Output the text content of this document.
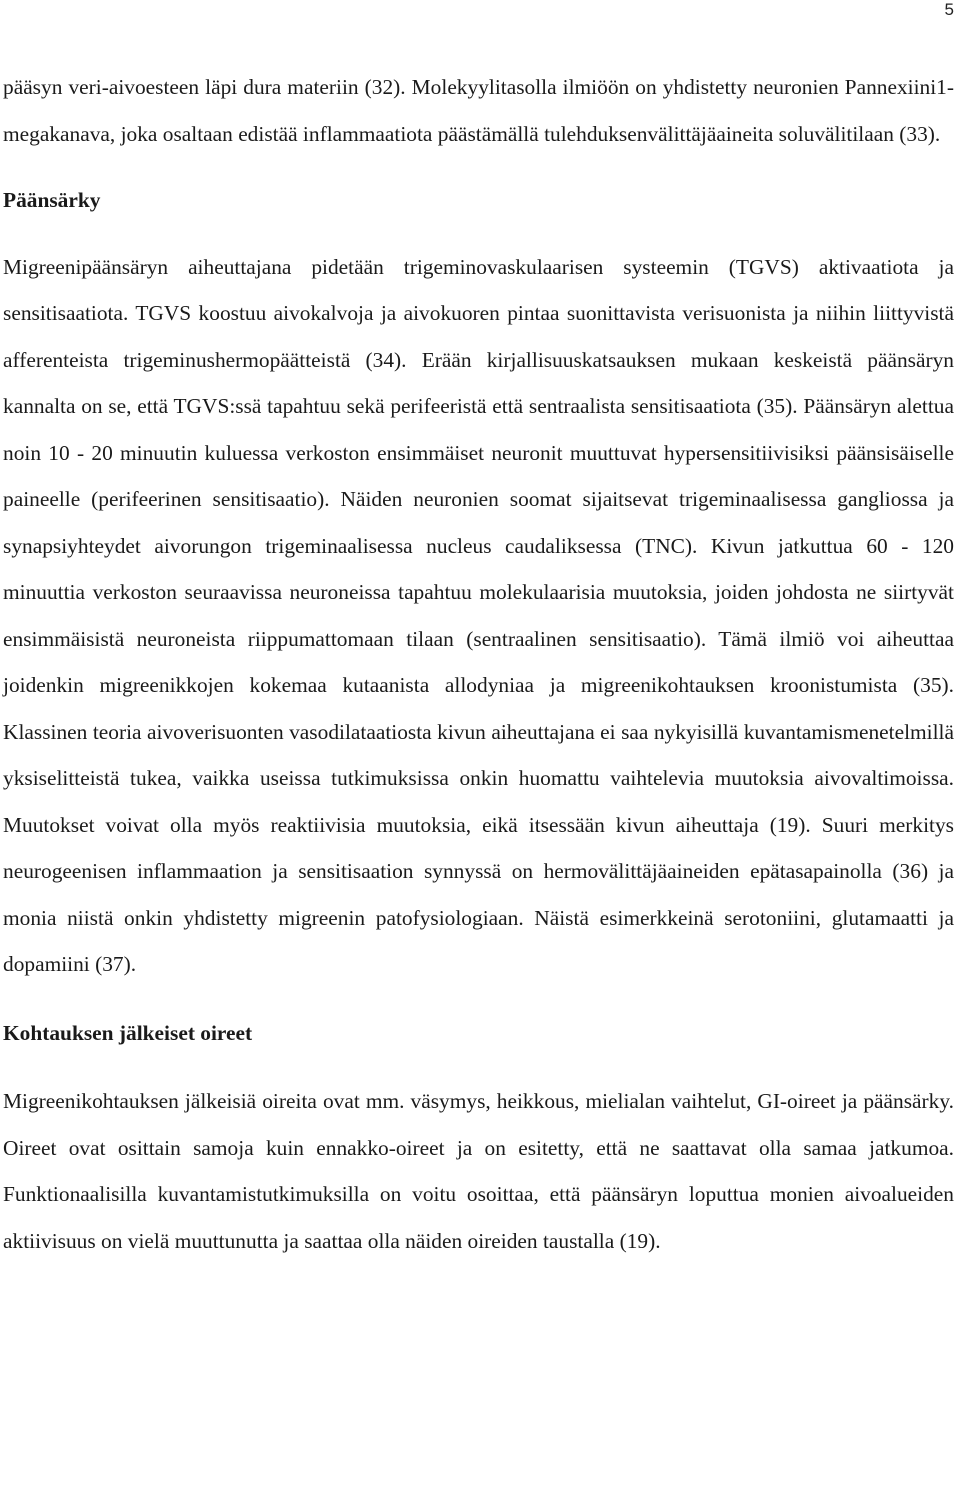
5

pääsyn veri-aivoesteen läpi dura materiin (32). Molekyylitasolla ilmiöön on yhdistetty neuronien Pannexiini1-megakanava, joka osaltaan edistää inflammaatiota päästämällä tulehduksenvälittäjäaineita soluvälitilaan (33).

Päänsärky

Migreenipäänsäryn aiheuttajana pidetään trigeminovaskulaarisen systeemin (TGVS) aktivaatiota ja sensitisaatiota. TGVS koostuu aivokalvoja ja aivokuoren pintaa suonittavista verisuonista ja niihin liittyvistä afferenteista trigeminushermopäätteistä (34). Erään kirjallisuuskatsauksen mukaan keskeistä päänsäryn kannalta on se, että TGVS:ssä tapahtuu sekä perifeeristä että sentraalista sensitisaatiota (35). Päänsäryn alettua noin 10 - 20 minuutin kuluessa verkoston ensimmäiset neuronit muuttuvat hypersensitiivisiksi päänsisäiselle paineelle (perifeerinen sensitisaatio). Näiden neuronien soomat sijaitsevat trigeminaalisessa gangliossa ja synapsiyhteydet aivorungon trigeminaalisessa nucleus caudaliksessa (TNC). Kivun jatkuttua 60 - 120 minuuttia verkoston seuraavissa neuroneissa tapahtuu molekulaarisia muutoksia, joiden johdosta ne siirtyvät ensimmäisistä neuroneista riippumattomaan tilaan (sentraalinen sensitisaatio). Tämä ilmiö voi aiheuttaa joidenkin migreenikkojen kokemaa kutaanista allodyniaa ja migreenikohtauksen kroonistumista (35). Klassinen teoria aivoverisuonten vasodilataatiosta kivun aiheuttajana ei saa nykyisillä kuvantamismenetelmillä yksiselitteistä tukea, vaikka useissa tutkimuksissa onkin huomattu vaihtelevia muutoksia aivovaltimoissa. Muutokset voivat olla myös reaktiivisia muutoksia, eikä itsessään kivun aiheuttaja (19). Suuri merkitys neurogeenisen inflammaation ja sensitisaation synnyssä on hermovälittäjäaineiden epätasapainolla (36) ja monia niistä onkin yhdistetty migreenin patofysiologiaan. Näistä esimerkkeinä serotoniini, glutamaatti ja dopamiini (37).

Kohtauksen jälkeiset oireet

Migreenikohtauksen jälkeisiä oireita ovat mm. väsymys, heikkous, mielialan vaihtelut, GI-oireet ja päänsärky. Oireet ovat osittain samoja kuin ennakko-oireet ja on esitetty, että ne saattavat olla samaa jatkumoa. Funktionaalisilla kuvantamistutkimuksilla on voitu osoittaa, että päänsäryn loputtua monien aivoalueiden aktiivisuus on vielä muuttunutta ja saattaa olla näiden oireiden taustalla (19).
